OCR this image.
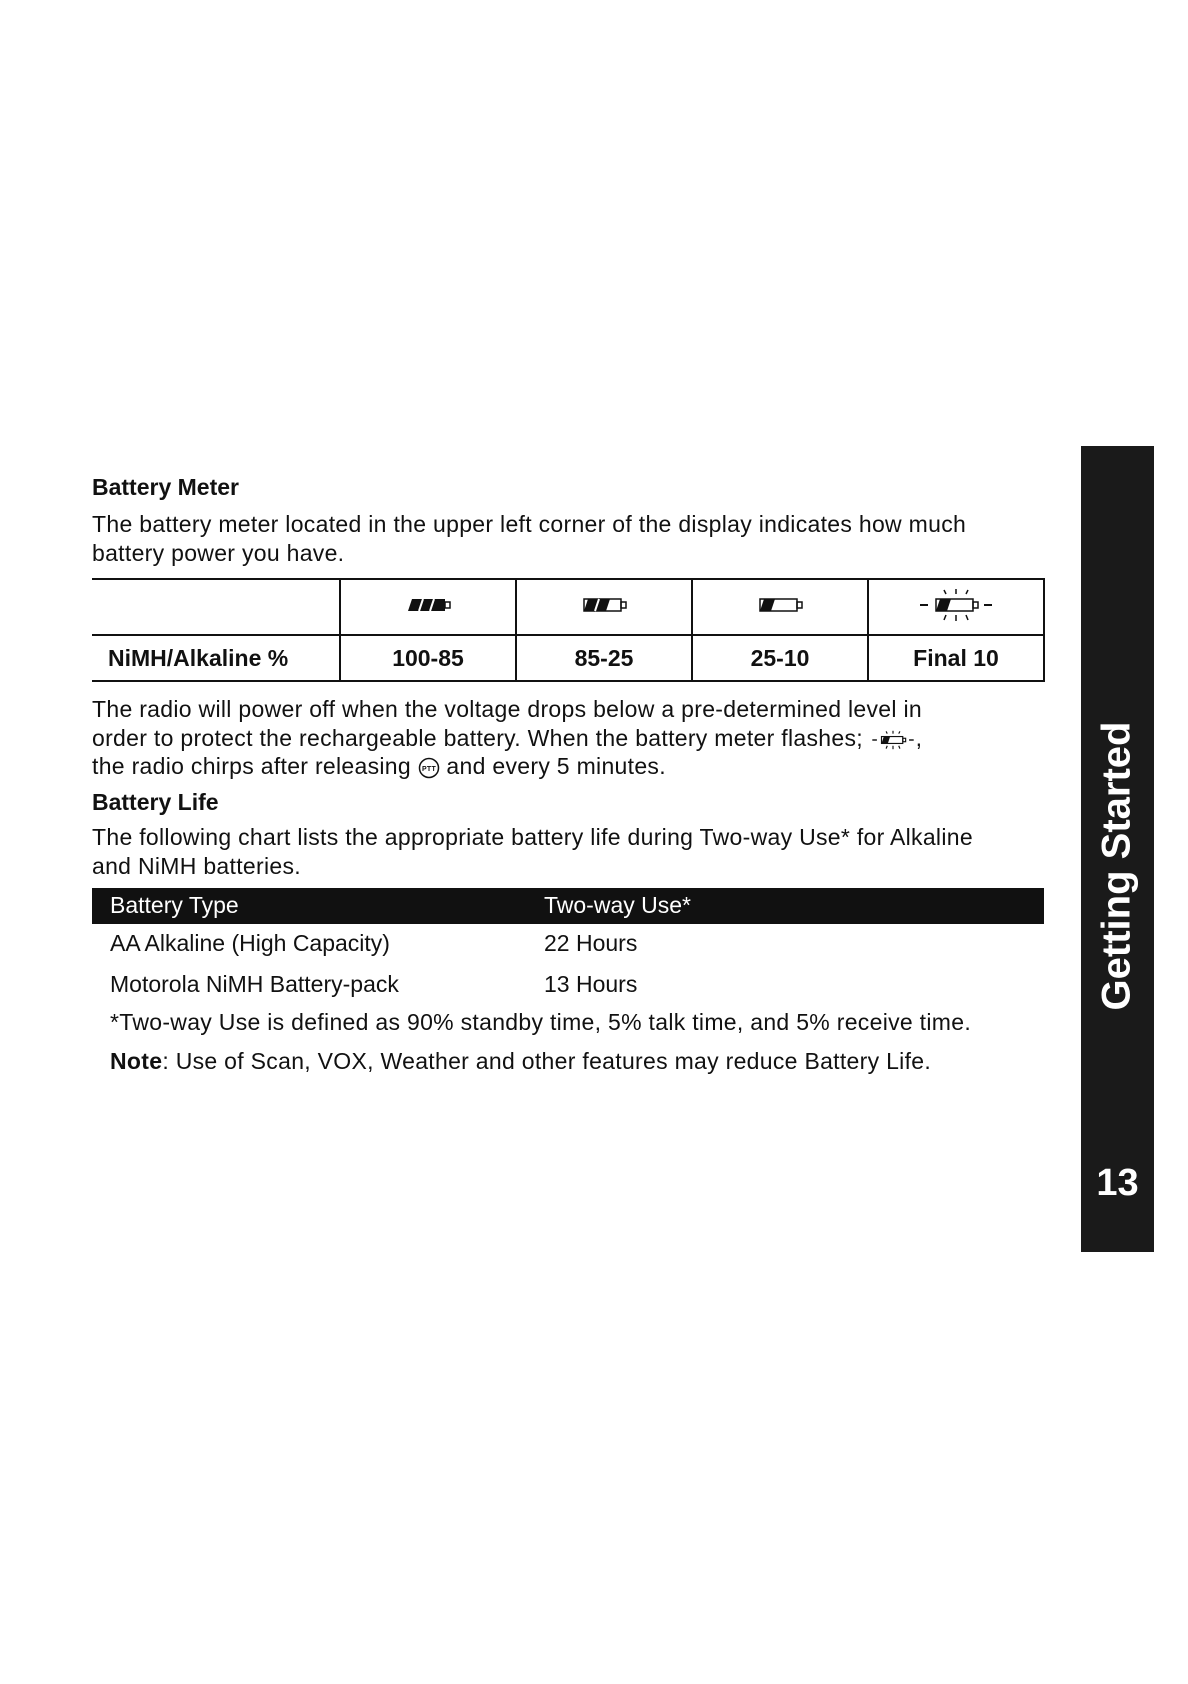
Battery Meter
The battery meter located in the upper left corner of the display indicates how much battery power you have.

NiMH/Alkaline %	100-85	85-25	25-10	Final 10
The radio will power off when the voltage drops below a pre-determined level in
order to protect the rechargeable battery. When the battery meter flashes; ,
the radio chirps after releasing PTT and every 5 minutes.
Battery Life
The following chart lists the appropriate battery life during Two-way Use* for Alkaline and NiMH batteries.
Battery Type	Two-way Use*
AA Alkaline (High Capacity)	22 Hours
Motorola NiMH Battery-pack	13 Hours
*Two-way Use is defined as 90% standby time, 5% talk time, and 5% receive time.
Note: Use of Scan, VOX, Weather and other features may reduce Battery Life.
Getting Started
13
